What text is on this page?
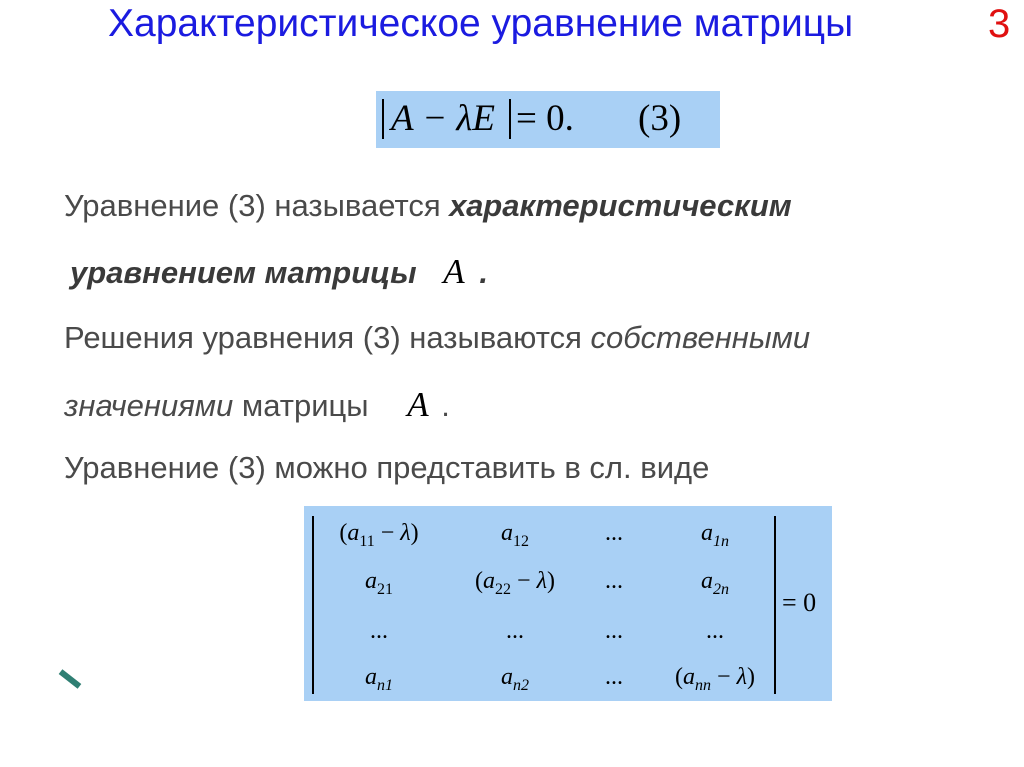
Характеристическое уравнение матрицы	3
A − λE = 0. (3)
Уравнение (3) называется характеристическим
уравнением матрицы A .
Решения уравнения (3) называются собственными
значениями матрицы A .
Уравнение (3) можно представить в сл. виде
$(a_{11} - \lambda)$	$a_{12}$	...	$a_{1n}$
$a_{21}$	$(a_{22} - \lambda)$	...	$a_{2n}$
...	...	...	...
$a_{n1}$	$a_{n2}$	...	$(a_{nn} - \lambda)$
= 0
